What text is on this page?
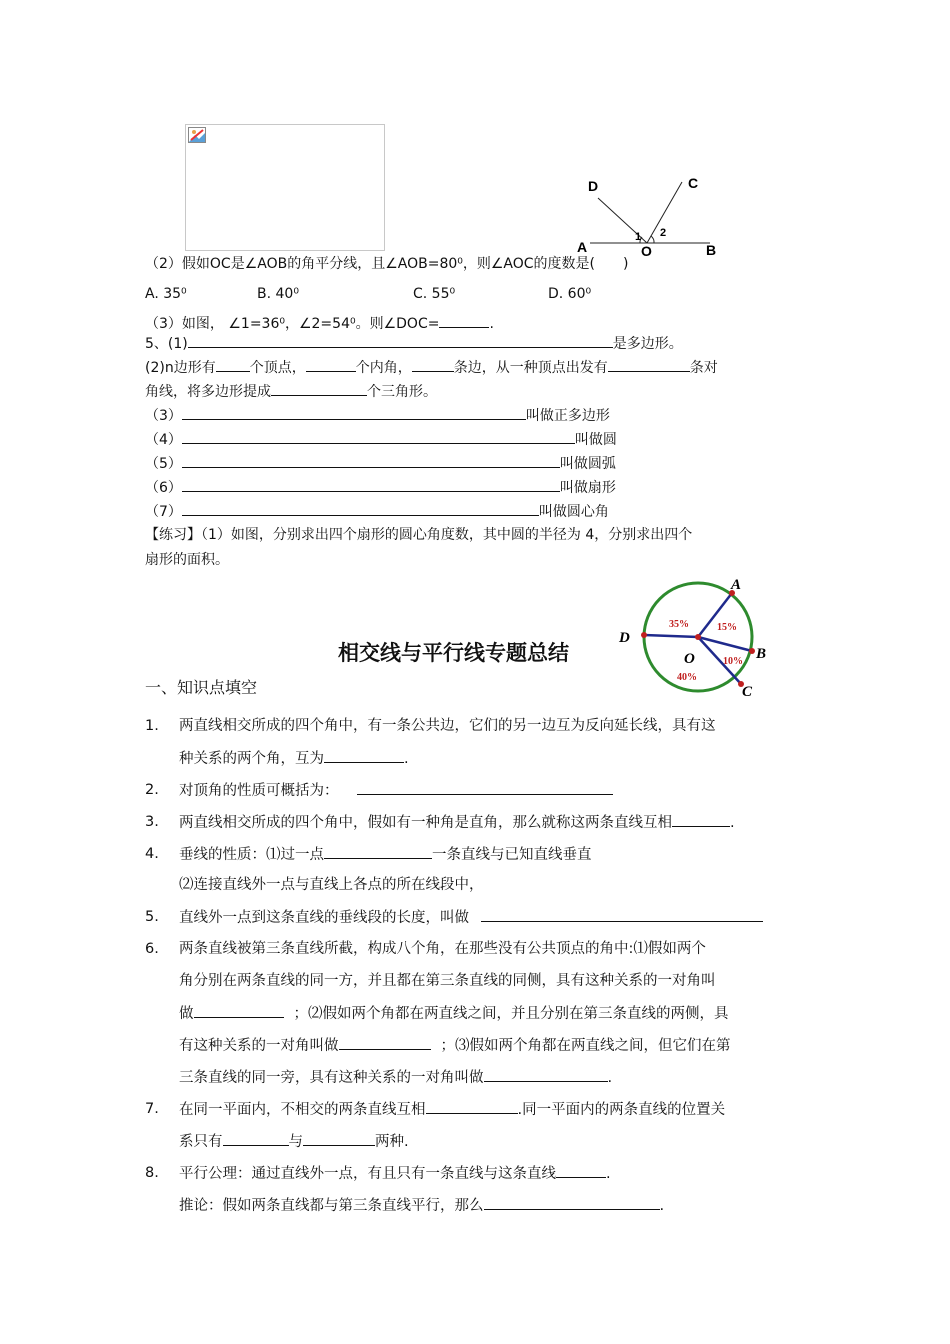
D	C
A	O	B
1 2
（2）假如OC是∠AOB的角平分线，且∠AOB=80⁰，则∠AOC的度数是(　　)
A. 35⁰	B. 40⁰	C. 55⁰	D. 60⁰
（3）如图， ∠1=36⁰，∠2=54⁰。则∠DOC=	.
5、(1)	是多边形。
(2)n边形有 个顶点，	个内角，	条边，从一种顶点出发有	条对
角线，将多边形提成	个三角形。
（3）	叫做正多边形
（4）	叫做圆
（5）	叫做圆弧
（6）	叫做扇形
（7）	叫做圆心角
【练习】（1）如图，分别求出四个扇形的圆心角度数，其中圆的半径为 4，分别求出四个
扇形的面积。
A
B
C
D
O
35%	15%
10%
40%
相交线与平行线专题总结
一、知识点填空
1. 两直线相交所成的四个角中，有一条公共边，它们的另一边互为反向延长线，具有这
种关系的两个角，互为	.
2. 对顶角的性质可概括为：
3. 两直线相交所成的四个角中，假如有一种角是直角，那么就称这两条直线互相	.
4. 垂线的性质：⑴过一点	一条直线与已知直线垂直
⑵连接直线外一点与直线上各点的所在线段中，
5. 直线外一点到这条直线的垂线段的长度，叫做
6. 两条直线被第三条直线所截，构成八个角，在那些没有公共顶点的角中:⑴假如两个
角分别在两条直线的同一方，并且都在第三条直线的同侧，具有这种关系的一对角叫
做	；⑵假如两个角都在两直线之间，并且分别在第三条直线的两侧，具
有这种关系的一对角叫做	；⑶假如两个角都在两直线之间，但它们在第
三条直线的同一旁，具有这种关系的一对角叫做	.
7. 在同一平面内，不相交的两条直线互相	.同一平面内的两条直线的位置关
系只有	与	两种.
8. 平行公理：通过直线外一点，有且只有一条直线与这条直线	.
推论：假如两条直线都与第三条直线平行，那么	.
